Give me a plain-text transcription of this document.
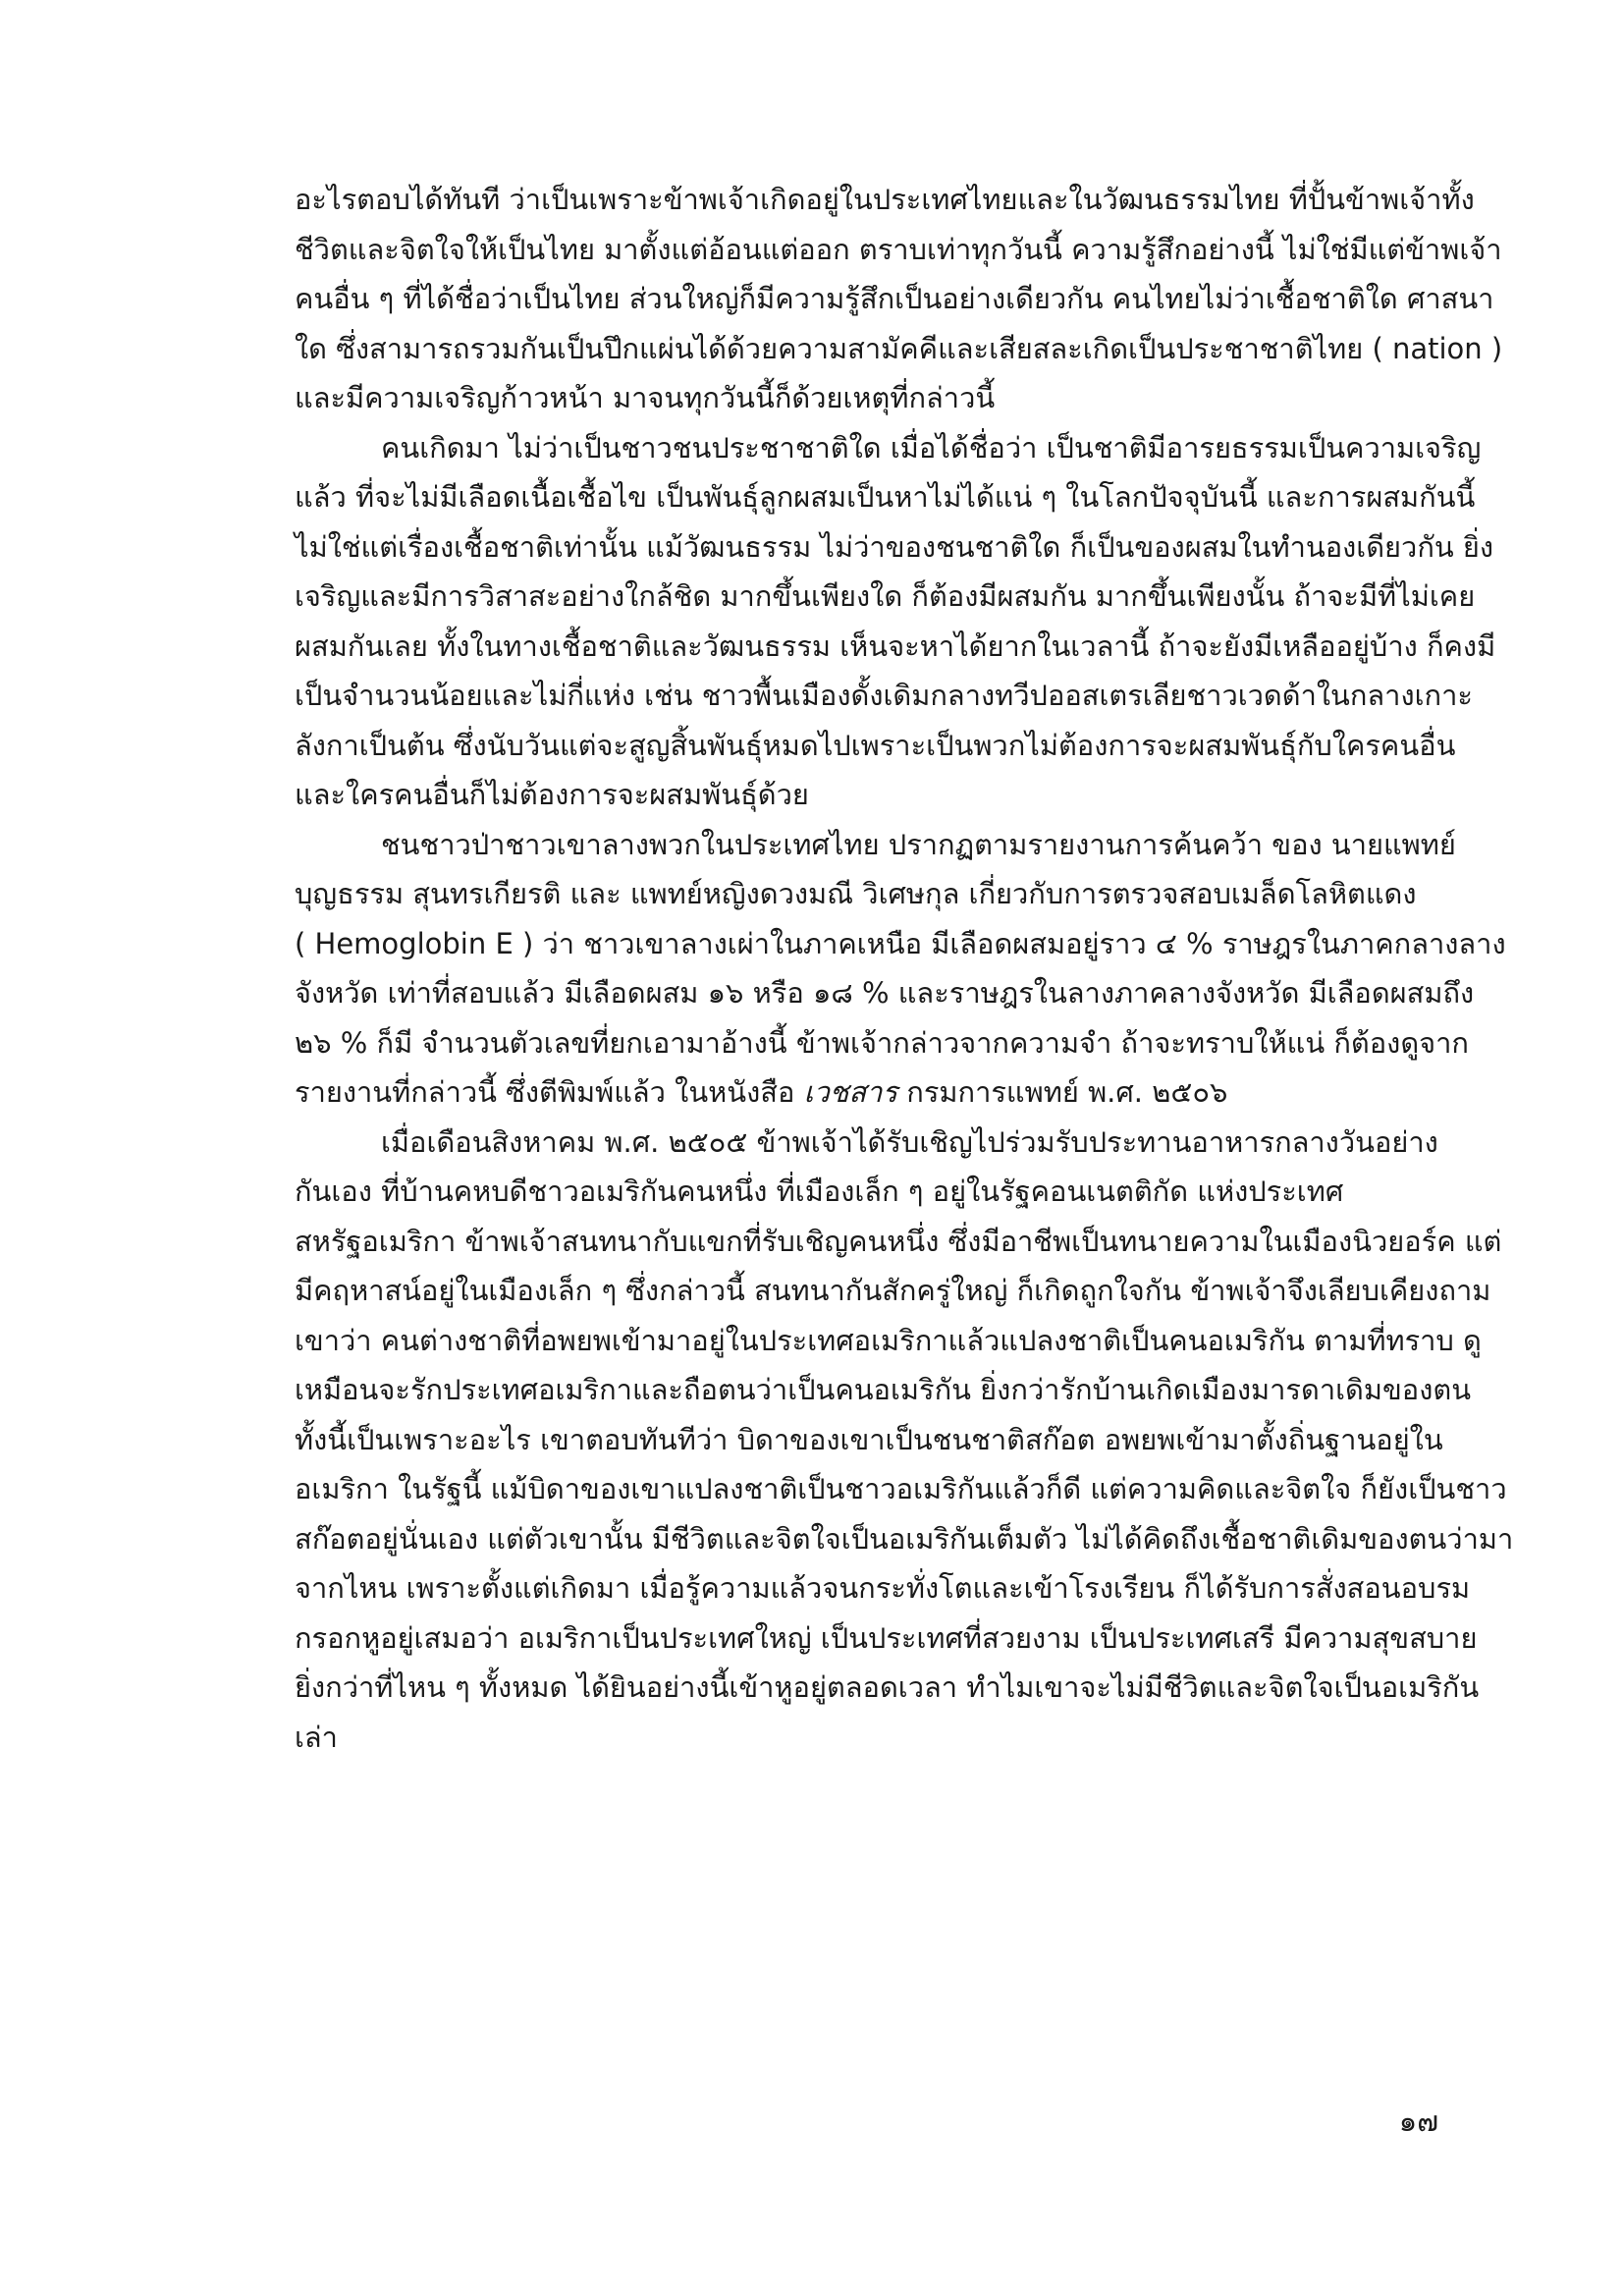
อะไรตอบได้ทันที ว่าเป็นเพราะข้าพเจ้าเกิดอยู่ในประเทศไทยและในวัฒนธรรมไทย ที่ปั้นข้าพเจ้าทั้ง
ชีวิตและจิตใจให้เป็นไทย มาตั้งแต่อ้อนแต่ออก ตราบเท่าทุกวันนี้ ความรู้สึกอย่างนี้ ไม่ใช่มีแต่ข้าพเจ้า
คนอื่น ๆ ที่ได้ชื่อว่าเป็นไทย ส่วนใหญ่ก็มีความรู้สึกเป็นอย่างเดียวกัน คนไทยไม่ว่าเชื้อชาติใด ศาสนา
ใด ซึ่งสามารถรวมกันเป็นปึกแผ่นได้ด้วยความสามัคคีและเสียสละเกิดเป็นประชาชาติไทย ( nation )
และมีความเจริญก้าวหน้า มาจนทุกวันนี้ก็ด้วยเหตุที่กล่าวนี้
คนเกิดมา ไม่ว่าเป็นชาวชนประชาชาติใด เมื่อได้ชื่อว่า เป็นชาติมีอารยธรรมเป็นความเจริญ
แล้ว ที่จะไม่มีเลือดเนื้อเชื้อไข เป็นพันธุ์ลูกผสมเป็นหาไม่ได้แน่ ๆ ในโลกปัจจุบันนี้ และการผสมกันนี้
ไม่ใช่แต่เรื่องเชื้อชาติเท่านั้น แม้วัฒนธรรม ไม่ว่าของชนชาติใด ก็เป็นของผสมในทำนองเดียวกัน ยิ่ง
เจริญและมีการวิสาสะอย่างใกล้ชิด มากขึ้นเพียงใด ก็ต้องมีผสมกัน มากขึ้นเพียงนั้น ถ้าจะมีที่ไม่เคย
ผสมกันเลย ทั้งในทางเชื้อชาติและวัฒนธรรม เห็นจะหาได้ยากในเวลานี้ ถ้าจะยังมีเหลืออยู่บ้าง ก็คงมี
เป็นจำนวนน้อยและไม่กี่แห่ง เช่น ชาวพื้นเมืองดั้งเดิมกลางทวีปออสเตรเลียชาวเวดด้าในกลางเกาะ
ลังกาเป็นต้น ซึ่งนับวันแต่จะสูญสิ้นพันธุ์หมดไปเพราะเป็นพวกไม่ต้องการจะผสมพันธุ์กับใครคนอื่น
และใครคนอื่นก็ไม่ต้องการจะผสมพันธุ์ด้วย
ชนชาวป่าชาวเขาลางพวกในประเทศไทย ปรากฏตามรายงานการค้นคว้า ของ นายแพทย์
บุญธรรม สุนทรเกียรติ และ แพทย์หญิงดวงมณี วิเศษกุล เกี่ยวกับการตรวจสอบเมล็ดโลหิตแดง
( Hemoglobin E ) ว่า ชาวเขาลางเผ่าในภาคเหนือ มีเลือดผสมอยู่ราว ๔ % ราษฎรในภาคกลางลาง
จังหวัด เท่าที่สอบแล้ว มีเลือดผสม ๑๖ หรือ ๑๘ % และราษฎรในลางภาคลางจังหวัด มีเลือดผสมถึง
๒๖ % ก็มี จำนวนตัวเลขที่ยกเอามาอ้างนี้ ข้าพเจ้ากล่าวจากความจำ ถ้าจะทราบให้แน่ ก็ต้องดูจาก
รายงานที่กล่าวนี้ ซึ่งตีพิมพ์แล้ว ในหนังสือ เวชสาร กรมการแพทย์ พ.ศ. ๒๕๐๖
เมื่อเดือนสิงหาคม พ.ศ. ๒๕๐๕ ข้าพเจ้าได้รับเชิญไปร่วมรับประทานอาหารกลางวันอย่าง
กันเอง ที่บ้านคหบดีชาวอเมริกันคนหนึ่ง ที่เมืองเล็ก ๆ อยู่ในรัฐคอนเนตติกัด แห่งประเทศ
สหรัฐอเมริกา ข้าพเจ้าสนทนากับแขกที่รับเชิญคนหนึ่ง ซึ่งมีอาชีพเป็นทนายความในเมืองนิวยอร์ค แต่
มีคฤหาสน์อยู่ในเมืองเล็ก ๆ ซึ่งกล่าวนี้ สนทนากันสักครู่ใหญ่ ก็เกิดถูกใจกัน ข้าพเจ้าจึงเลียบเคียงถาม
เขาว่า คนต่างชาติที่อพยพเข้ามาอยู่ในประเทศอเมริกาแล้วแปลงชาติเป็นคนอเมริกัน ตามที่ทราบ ดู
เหมือนจะรักประเทศอเมริกาและถือตนว่าเป็นคนอเมริกัน ยิ่งกว่ารักบ้านเกิดเมืองมารดาเดิมของตน
ทั้งนี้เป็นเพราะอะไร เขาตอบทันทีว่า บิดาของเขาเป็นชนชาติสก๊อต อพยพเข้ามาตั้งถิ่นฐานอยู่ใน
อเมริกา ในรัฐนี้ แม้บิดาของเขาแปลงชาติเป็นชาวอเมริกันแล้วก็ดี แต่ความคิดและจิตใจ ก็ยังเป็นชาว
สก๊อตอยู่นั่นเอง แต่ตัวเขานั้น มีชีวิตและจิตใจเป็นอเมริกันเต็มตัว ไม่ได้คิดถึงเชื้อชาติเดิมของตนว่ามา
จากไหน เพราะตั้งแต่เกิดมา เมื่อรู้ความแล้วจนกระทั่งโตและเข้าโรงเรียน ก็ได้รับการสั่งสอนอบรม
กรอกหูอยู่เสมอว่า อเมริกาเป็นประเทศใหญ่ เป็นประเทศที่สวยงาม เป็นประเทศเสรี มีความสุขสบาย
ยิ่งกว่าที่ไหน ๆ ทั้งหมด ได้ยินอย่างนี้เข้าหูอยู่ตลอดเวลา ทำไมเขาจะไม่มีชีวิตและจิตใจเป็นอเมริกัน
เล่า
๑๗
